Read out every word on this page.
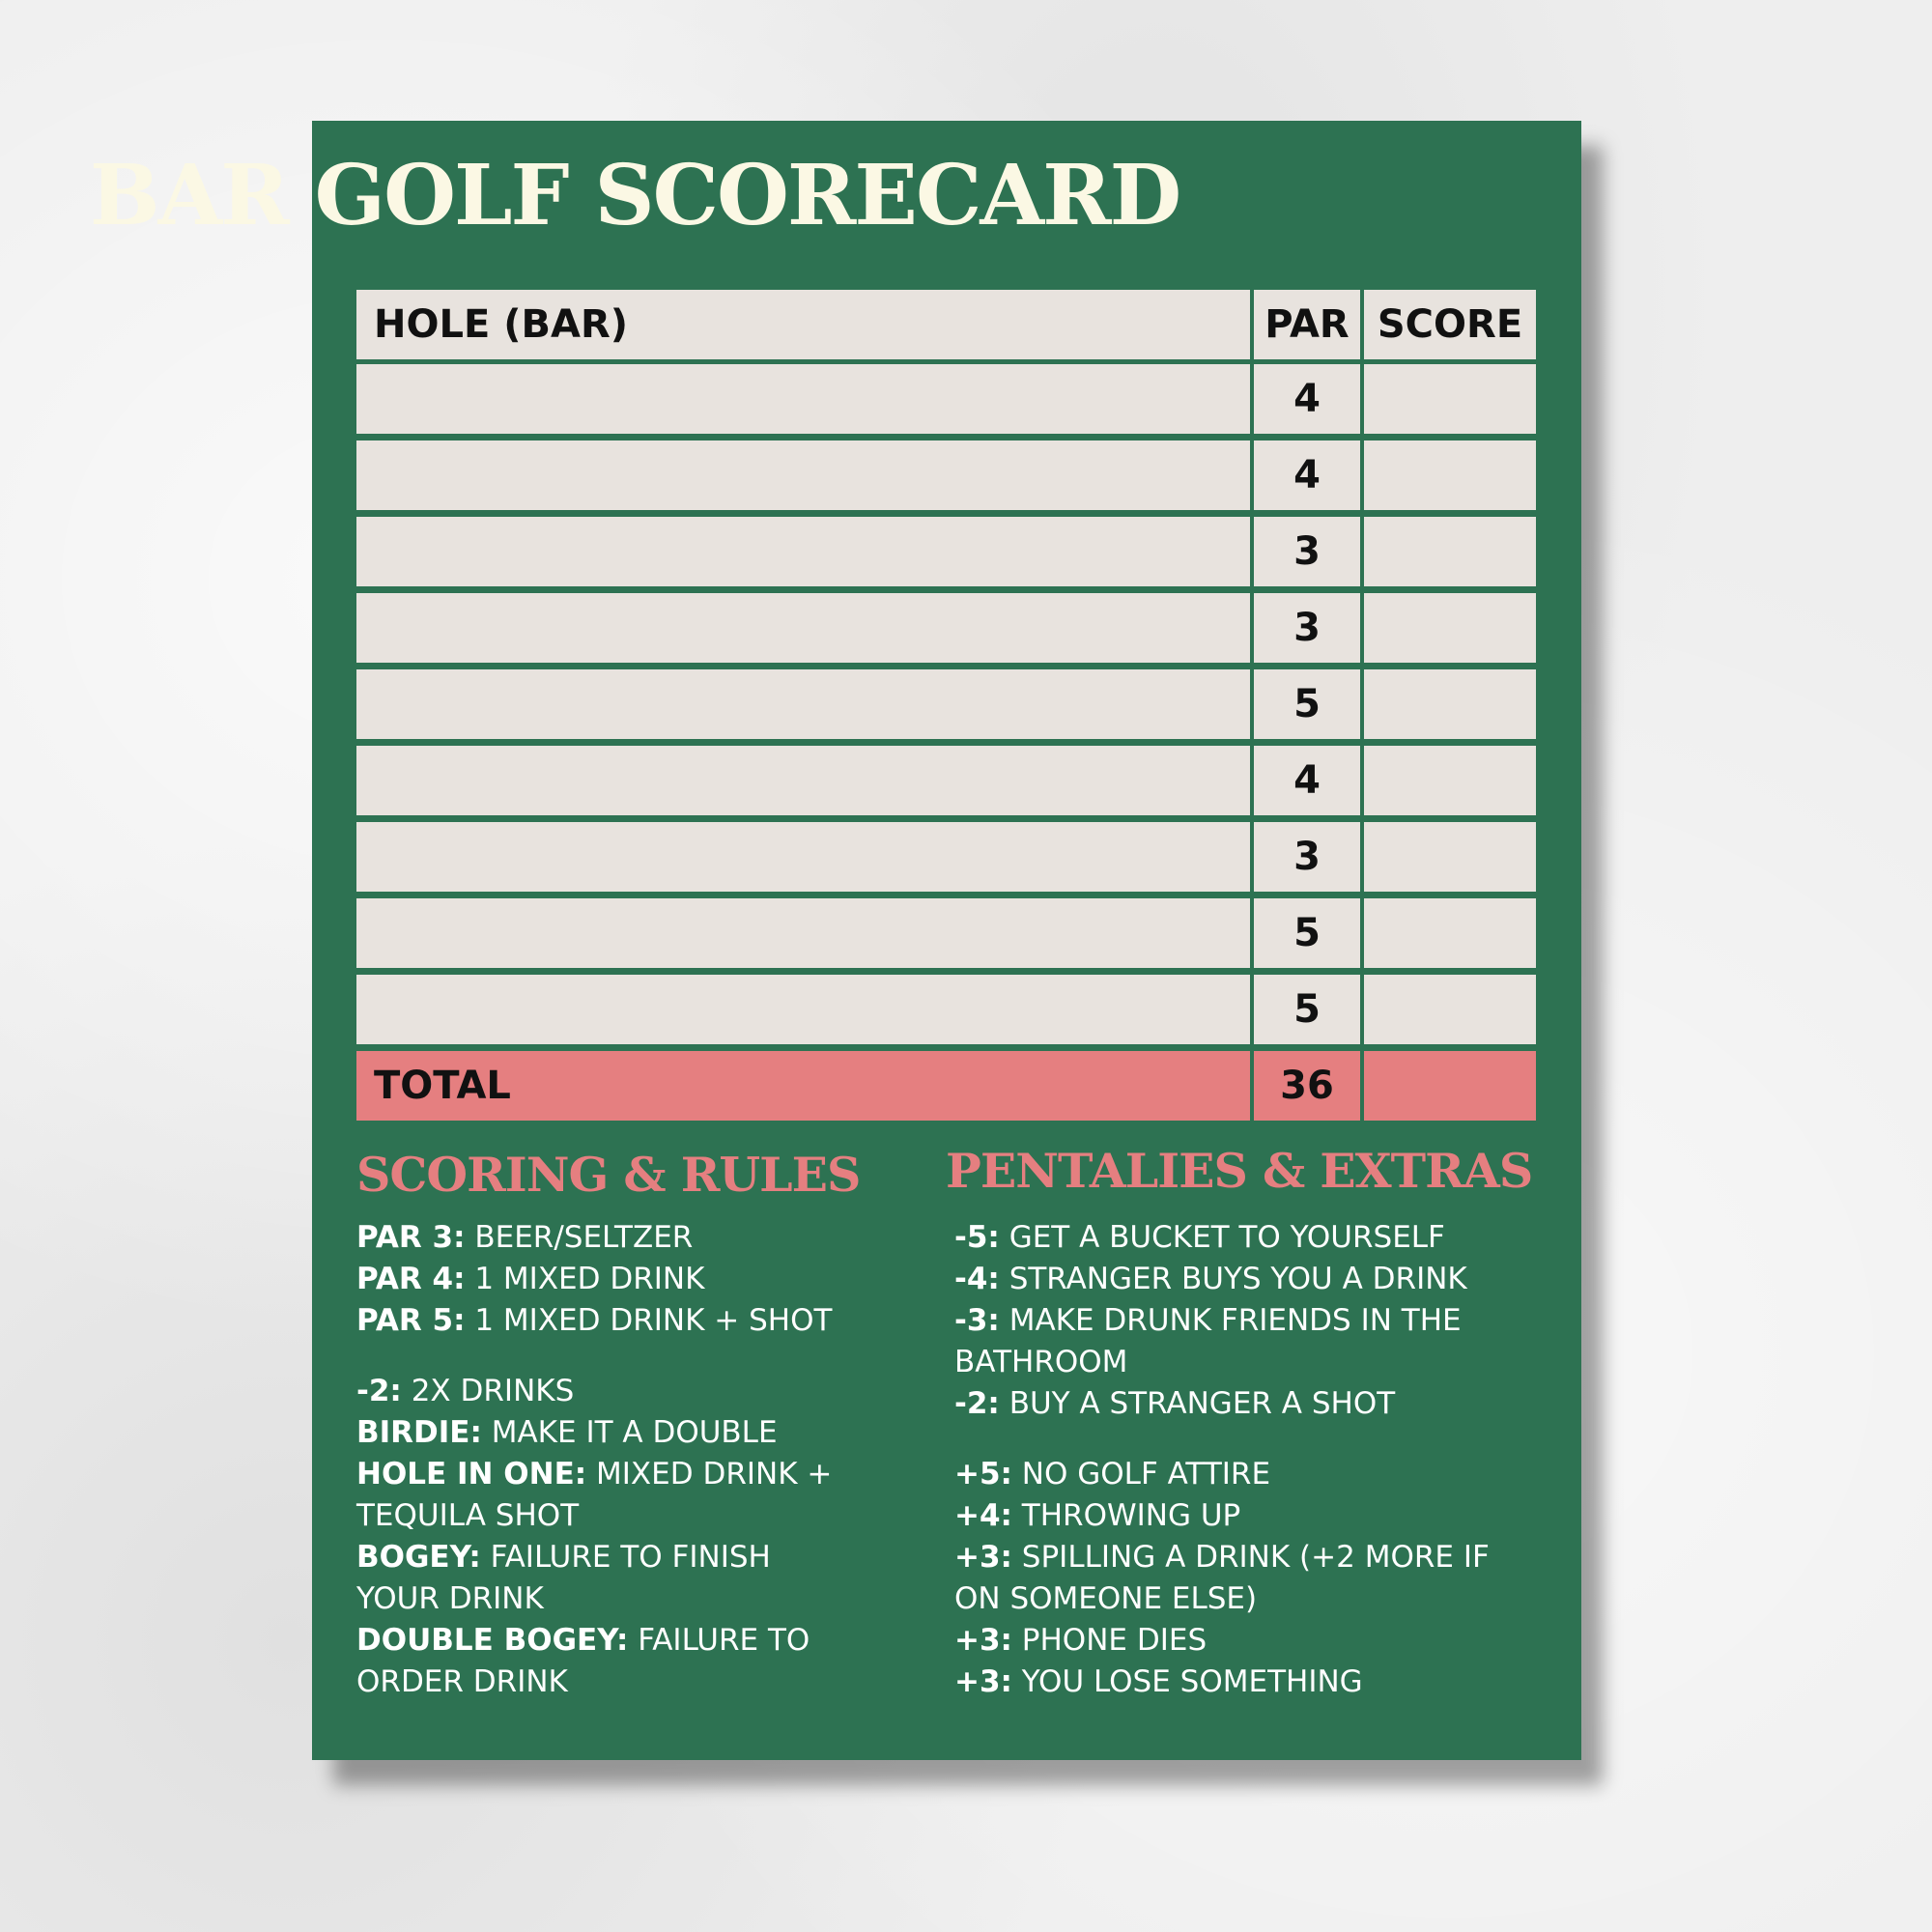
BAR GOLF SCORECARD
HOLE (BAR)	PAR SCORE
4
4
3
3
5
4
3
5
5
TOTAL	36
SCORING & RULES
PAR 3: BEER/SELTZER
PAR 4: 1 MIXED DRINK
PAR 5: 1 MIXED DRINK + SHOT
-2: 2X DRINKS
BIRDIE: MAKE IT A DOUBLE
HOLE IN ONE: MIXED DRINK +
TEQUILA SHOT
BOGEY: FAILURE TO FINISH
YOUR DRINK
DOUBLE BOGEY: FAILURE TO
ORDER DRINK
PENTALIES & EXTRAS
-5: GET A BUCKET TO YOURSELF
-4: STRANGER BUYS YOU A DRINK
-3: MAKE DRUNK FRIENDS IN THE
BATHROOM
-2: BUY A STRANGER A SHOT
+5: NO GOLF ATTIRE
+4: THROWING UP
+3: SPILLING A DRINK (+2 MORE IF
ON SOMEONE ELSE)
+3: PHONE DIES
+3: YOU LOSE SOMETHING
